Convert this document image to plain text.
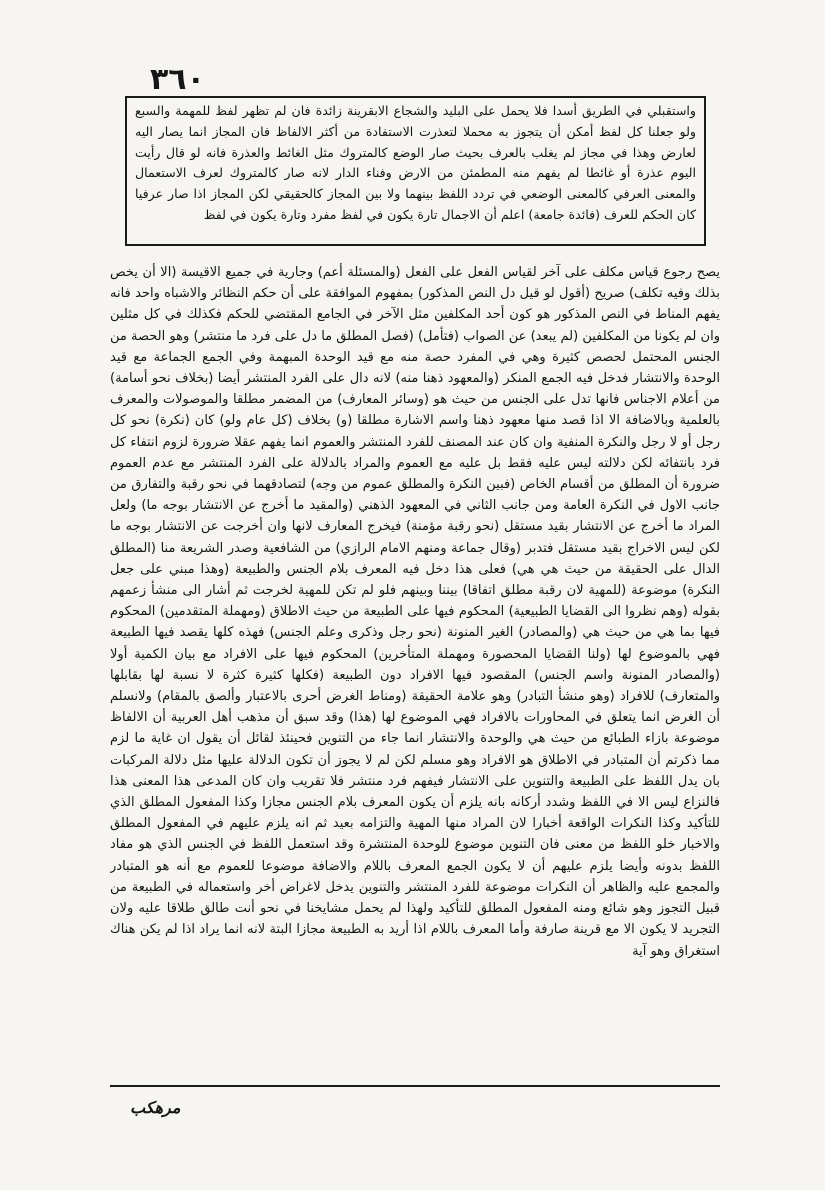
٣٦٠
واستقبلي في الطريق أسدا فلا يحمل على البليد والشجاع الابقرينة زائدة فان لم تظهر لفظ للمهمة والسبع ولو جعلنا كل لفظ أمكن أن يتجوز به محملا لتعذرت الاستفادة من أكثر الالفاظ فان المجاز انما يصار اليه لعارض وهذا في مجاز لم يغلب بالعرف بحيث صار الوضع كالمتروك مثل الغائط والعذرة فانه لو قال رأيت اليوم عذرة أو غائطا لم يفهم منه المطمئن من الارض وفناء الدار لانه صار كالمتروك لعرف الاستعمال والمعنى العرفي كالمعنى الوضعي في تردد اللفظ بينهما ولا بين المجاز كالحقيقي لكن المجاز اذا صار عرفيا كان الحكم للعرف (فائدة جامعة) اعلم أن الاجمال تارة يكون في لفظ مفرد وتارة يكون في لفظ
يصح رجوع قياس مكلف على آخر لقياس الفعل على الفعل (والمسئلة أعم) وجارية في جميع الاقيسة (الا أن يخص بذلك وفيه تكلف) صريح (أقول لو قيل دل النص المذكور) بمفهوم الموافقة على أن حكم النظائر والاشباه واحد فانه يفهم المناط في النص المذكور هو كون أحد المكلفين مثل الآخر في الجامع المقتضي للحكم فكذلك في كل مثلين وان لم يكونا من المكلفين (لم يبعد) عن الصواب (فتأمل) (فصل المطلق ما دل على فرد ما منتشر) وهو الحصة من الجنس المحتمل لحصص كثيرة وهي في المفرد حصة منه مع قيد الوحدة المبهمة وفي الجمع الجماعة مع قيد الوحدة والانتشار فدخل فيه الجمع المنكر (والمعهود ذهنا منه) لانه دال على الفرد المنتشر أيضا (بخلاف نحو أسامة) من أعلام الاجناس فانها تدل على الجنس من حيث هو (وسائر المعارف) من المضمر مطلقا والموصولات والمعرف بالعلمية وبالاضافة الا اذا قصد منها معهود ذهنا واسم الاشارة مطلقا (و) بخلاف (كل عام ولو) كان (نكرة) نحو كل رجل أو لا رجل والنكرة المنفية وان كان عند المصنف للفرد المنتشر والعموم انما يفهم عقلا ضرورة لزوم انتفاء كل فرد بانتفائه لكن دلالته ليس عليه فقط بل عليه مع العموم والمراد بالدلالة على الفرد المنتشر مع عدم العموم ضرورة أن المطلق من أقسام الخاص (فبين النكرة والمطلق عموم من وجه) لتصادقهما في نحو رقبة والتفارق من جانب الاول في النكرة العامة ومن جانب الثاني في المعهود الذهني (والمقيد ما أخرج عن الانتشار بوجه ما) ولعل المراد ما أخرج عن الانتشار بقيد مستقل (نحو رقبة مؤمنة) فيخرج المعارف لانها وان أخرجت عن الانتشار بوجه ما لكن ليس الاخراج بقيد مستقل فتدبر (وقال جماعة ومنهم الامام الرازي) من الشافعية وصدر الشريعة منا (المطلق الدال على الحقيقة من حيث هي هي) فعلى هذا دخل فيه المعرف بلام الجنس والطبيعة (وهذا مبني على جعل النكرة) موضوعة (للمهية لان رقبة مطلق اتفاقا) بيننا وبينهم فلو لم تكن للمهية لخرجت ثم أشار الى منشأ زعمهم بقوله (وهم نظروا الى القضايا الطبيعية) المحكوم فيها على الطبيعة من حيث الاطلاق (ومهملة المتقدمين) المحكوم فيها بما هي من حيث هي (والمصادر) الغير المنونة (نحو رجل وذكرى وعلم الجنس) فهذه كلها يقصد فيها الطبيعة فهي بالموضوع لها (ولنا القضايا المحصورة ومهملة المتأخرين) المحكوم فيها على الافراد مع بيان الكمية أولا (والمصادر المنونة واسم الجنس) المقصود فيها الافراد دون الطبيعة (فكلها كثيرة كثرة لا نسبة لها بقابلها والمتعارف) للافراد (وهو منشأ التبادر) وهو علامة الحقيقة (ومناط الغرض أحرى بالاعتبار وألصق بالمقام) ولانسلم أن الغرض انما يتعلق في المحاورات بالافراد فهي الموضوع لها (هذا) وقد سبق أن مذهب أهل العربية أن الالفاظ موضوعة بازاء الطبائع من حيث هي والوحدة والانتشار انما جاء من التنوين فحينئذ لقائل أن يقول ان غاية ما لزم مما ذكرتم أن المتبادر في الاطلاق هو الافراد وهو مسلم لكن لم لا يجوز أن تكون الدلالة عليها مثل دلالة المركبات بان يدل اللفظ على الطبيعة والتنوين على الانتشار فيفهم فرد منتشر فلا تقريب وان كان المدعى هذا المعنى هذا فالنزاع ليس الا في اللفظ وشدد أركانه بانه يلزم أن يكون المعرف بلام الجنس مجازا وكذا المفعول المطلق الذي للتأكيد وكذا النكرات الواقعة أخبارا لان المراد منها المهية والتزامه بعيد ثم انه يلزم عليهم في المفعول المطلق والاخبار خلو اللفظ من معنى فان التنوين موضوع للوحدة المنتشرة وقد استعمل اللفظ في الجنس الذي هو مفاد اللفظ بدونه وأيضا يلزم عليهم أن لا يكون الجمع المعرف باللام والاضافة موضوعا للعموم مع أنه هو المتبادر والمجمع عليه والظاهر أن النكرات موضوعة للفرد المنتشر والتنوين يدخل لاغراض أخر واستعماله في الطبيعة من قبيل التجوز وهو شائع ومنه المفعول المطلق للتأكيد ولهذا لم يحمل مشايخنا في نحو أنت طالق طلاقا عليه ولان التجريد لا يكون الا مع قرينة صارفة وأما المعرف باللام اذا أريد به الطبيعة مجازا البتة لانه انما يراد اذا لم يكن هناك استغراق وهو آية
مرهكب
